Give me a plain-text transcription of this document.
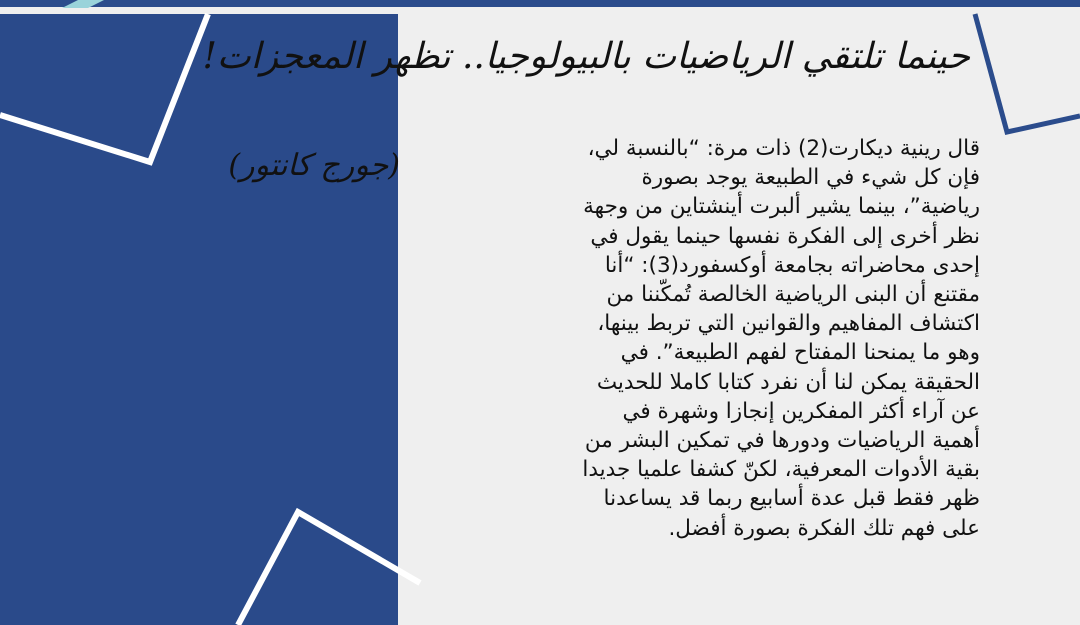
حينما تلتقي الرياضيات بالبيولوجيا.. تظهر المعجزات!
(جورج كانتور)	قال رينية ديكارت(2) ذات مرة: “بالنسبة لي، فإن كل شيء في الطبيعة يوجد بصورة رياضية”، بينما يشير ألبرت أينشتاين من وجهة نظر أخرى إلى الفكرة نفسها حينما يقول في إحدى محاضراته بجامعة أوكسفورد(3): “أنا مقتنع أن البنى الرياضية الخالصة تُمكّننا من اكتشاف المفاهيم والقوانين التي تربط بينها، وهو ما يمنحنا المفتاح لفهم الطبيعة”. في الحقيقة يمكن لنا أن نفرد كتابا كاملا للحديث عن آراء أكثر المفكرين إنجازا وشهرة في أهمية الرياضيات ودورها في تمكين البشر من بقية الأدوات المعرفية، لكنّ كشفا علميا جديدا ظهر فقط قبل عدة أسابيع ربما قد يساعدنا على فهم تلك الفكرة بصورة أفضل.
